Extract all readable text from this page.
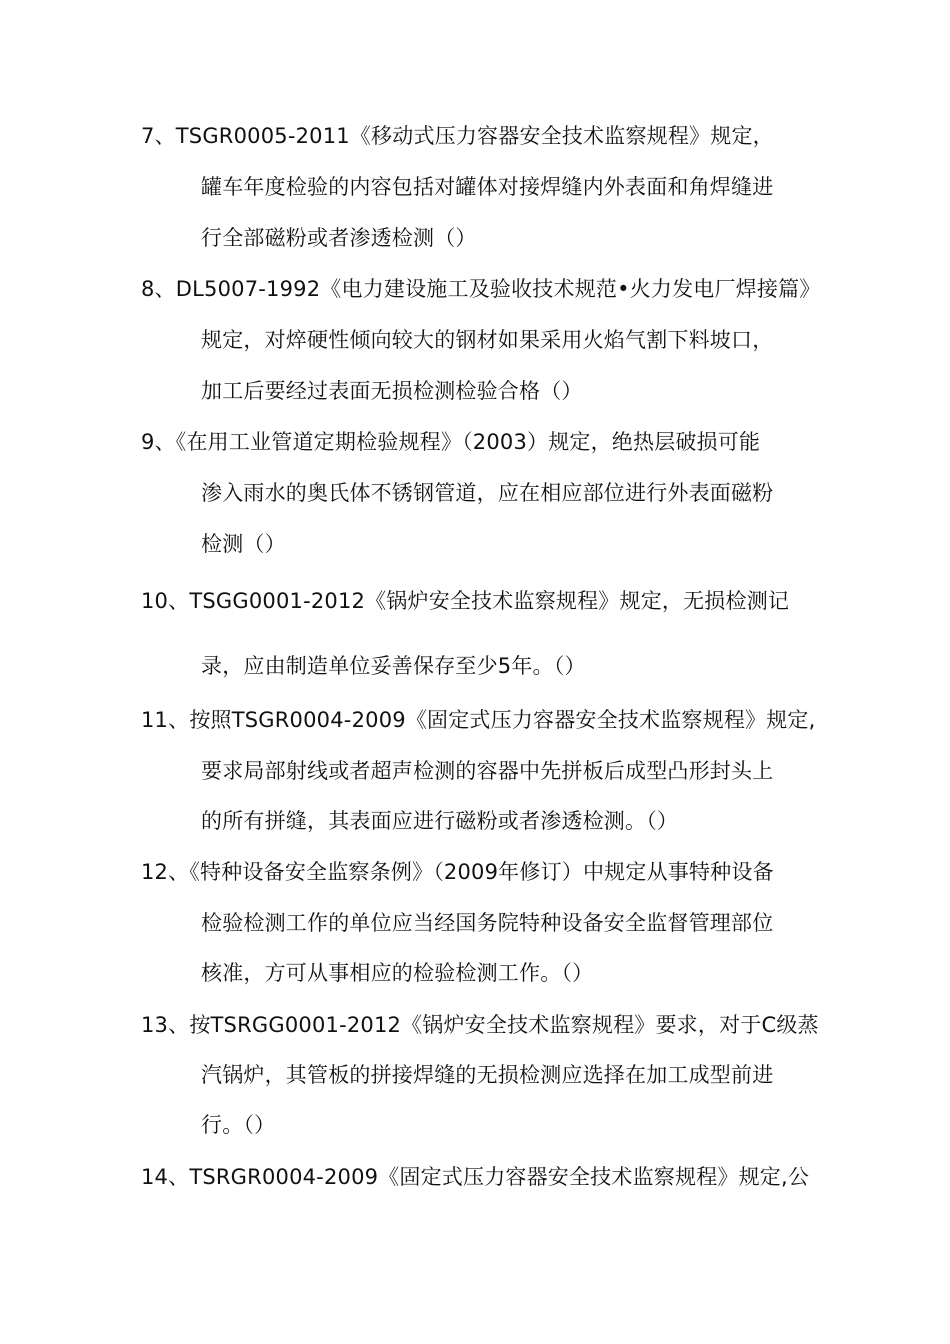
7、TSGR0005-2011《移动式压力容器安全技术监察规程》规定，
罐车年度检验的内容包括对罐体对接焊缝内外表面和角焊缝进
行全部磁粉或者渗透检测（）
8、DL5007-1992《电力建设施工及验收技术规范•火力发电厂焊接篇》
规定，对焠硬性倾向较大的钢材如果采用火焰气割下料坡口，
加工后要经过表面无损检测检验合格（）
9、《在用工业管道定期检验规程》（2003）规定，绝热层破损可能
渗入雨水的奥氏体不锈钢管道，应在相应部位进行外表面磁粉
检测（）
10、TSGG0001-2012《锅炉安全技术监察规程》规定，无损检测记
录，应由制造单位妥善保存至少5年。（）
11、按照TSGR0004-2009《固定式压力容器安全技术监察规程》规定,
要求局部射线或者超声检测的容器中先拼板后成型凸形封头上
的所有拼缝，其表面应进行磁粉或者渗透检测。（）
12、《特种设备安全监察条例》（2009年修订）中规定从事特种设备
检验检测工作的单位应当经国务院特种设备安全监督管理部位
核准，方可从事相应的检验检测工作。（）
13、按TSRGG0001-2012《锅炉安全技术监察规程》要求，对于C级蒸
汽锅炉，其管板的拼接焊缝的无损检测应选择在加工成型前进
行。（）
14、TSRGR0004-2009《固定式压力容器安全技术监察规程》规定,公
